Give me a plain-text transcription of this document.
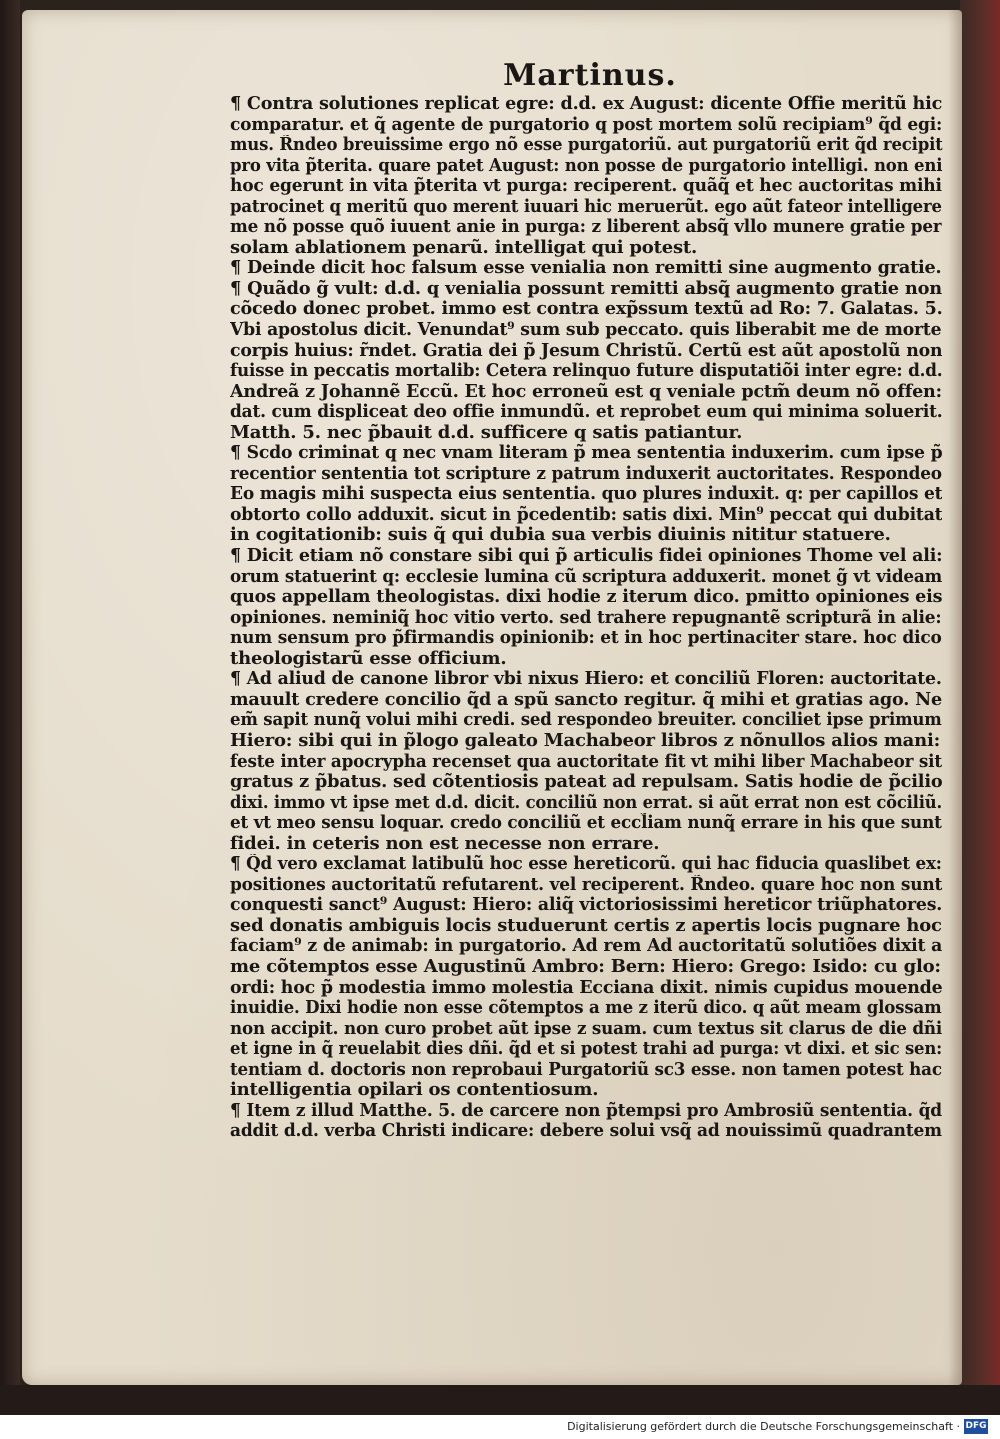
Martinus.
¶ Contra solutiones replicat egre: d.d. ex August: dicente Offie meritũ hic
comparatur. et q̃ agente de purgatorio q post mortem solũ recipiam⁹ q̃d egi:
mus. R̃ndeo breuissime ergo nõ esse purgatoriũ. aut purgatoriũ erit q̃d recipit
pro vita p̃terita. quare patet August: non posse de purgatorio intelligi. non eni
hoc egerunt in vita p̃terita vt purga: reciperent. quãq̃ et hec auctoritas mihi
patrocinet q meritũ quo merent iuuari hic meruerũt. ego aũt fateor intelligere
me nõ posse quõ iuuent anie in purga: z liberent absq̃ vllo munere gratie per
solam ablationem penarũ. intelligat qui potest.
¶ Deinde dicit hoc falsum esse venialia non remitti sine augmento gratie.
¶ Quãdo g̃ vult: d.d. q venialia possunt remitti absq̃ augmento gratie non
cõcedo donec probet. immo est contra exp̃ssum textũ ad Ro: 7. Galatas. 5.
Vbi apostolus dicit. Venundat⁹ sum sub peccato. quis liberabit me de morte
corpis huius: r̃ndet. Gratia dei p̃ Jesum Christũ. Certũ est aũt apostolũ non
fuisse in peccatis mortalib: Cetera relinquo future disputatiõi inter egre: d.d.
Andreã z Johannẽ Eccũ. Et hoc erroneũ est q veniale pctm̃ deum nõ offen:
dat. cum displiceat deo offie inmundũ. et reprobet eum qui minima soluerit.
Matth. 5. nec p̃bauit d.d. sufficere q satis patiantur.
¶ Scd̃o criminat q nec vnam literam p̃ mea sententia induxerim. cum ipse p̃
recentior sententia tot scripture z patrum induxerit auctoritates. Respondeo
Eo magis mihi suspecta eius sententia. quo plures induxit. q: per capillos et
obtorto collo adduxit. sicut in p̃cedentib: satis dixi. Min⁹ peccat qui dubitat
in cogitationib: suis q̃ qui dubia sua verbis diuinis nititur statuere.
¶ Dicit etiam nõ constare sibi qui p̃ articulis fidei opiniones Thome vel ali:
orum statuerint q: ecclesie lumina cũ scriptura adduxerit. monet g̃ vt videam
quos appellam theologistas. dixi hodie z iterum dico. pmitto opiniones eis
opiniones. neminiq̃ hoc vitio verto. sed trahere repugnantẽ scripturã in alie:
num sensum pro p̃firmandis opinionib: et in hoc pertinaciter stare. hoc dico
theologistarũ esse officium.
¶ Ad aliud de canone libror vbi nixus Hiero: et conciliũ Floren: auctoritate.
mauult credere concilio q̃d a spũ sancto regitur. q̃ mihi et gratias ago. Ne
em̃ sapit nunq̃ volui mihi credi. sed respondeo breuiter. conciliet ipse primum
Hiero: sibi qui in p̃logo galeato Machabeor libros z nõnullos alios mani:
feste inter apocrypha recenset qua auctoritate fit vt mihi liber Machabeor sit
gratus z p̃batus. sed cõtentiosis pateat ad repulsam. Satis hodie de p̃cilio
dixi. immo vt ipse met d.d. dicit. conciliũ non errat. si aũt errat non est cõciliũ.
et vt meo sensu loquar. credo conciliũ et eccl̃iam nunq̃ errare in his que sunt
fidei. in ceteris non est necesse non errare.
¶ Q̃d vero exclamat latibulũ hoc esse hereticorũ. qui hac fiducia quaslibet ex:
positiones auctoritatũ refutarent. vel reciperent. R̃ndeo. quare hoc non sunt
conquesti sanct⁹ August: Hiero: aliq̃ victoriosissimi hereticor triũphatores.
sed donatis ambiguis locis studuerunt certis z apertis locis pugnare hoc
faciam⁹ z de animab: in purgatorio. Ad rem Ad auctoritatũ solutiões dixit a
me cõtemptos esse Augustinũ Ambro: Bern: Hiero: Grego: Isido: cu glo:
ordi: hoc p̃ modestia immo molestia Ecciana dixit. nimis cupidus mouende
inuidie. Dixi hodie non esse cõtemptos a me z iterũ dico. q aũt meam glossam
non accipit. non curo probet aũt ipse z suam. cum textus sit clarus de die dñi
et igne in q̃ reuelabit dies dñi. q̃d et si potest trahi ad purga: vt dixi. et sic sen:
tentiam d. doctoris non reprobaui Purgatoriũ sc3 esse. non tamen potest hac
intelligentia opilari os contentiosum.
¶ Item z illud Matthe. 5. de carcere non p̃tempsi pro Ambrosiũ sententia. q̃d
addit d.d. verba Christi indicare: debere solui vsq̃ ad nouissimũ quadrantem
Digitalisierung gefördert durch die Deutsche Forschungsgemeinschaft · DFG
